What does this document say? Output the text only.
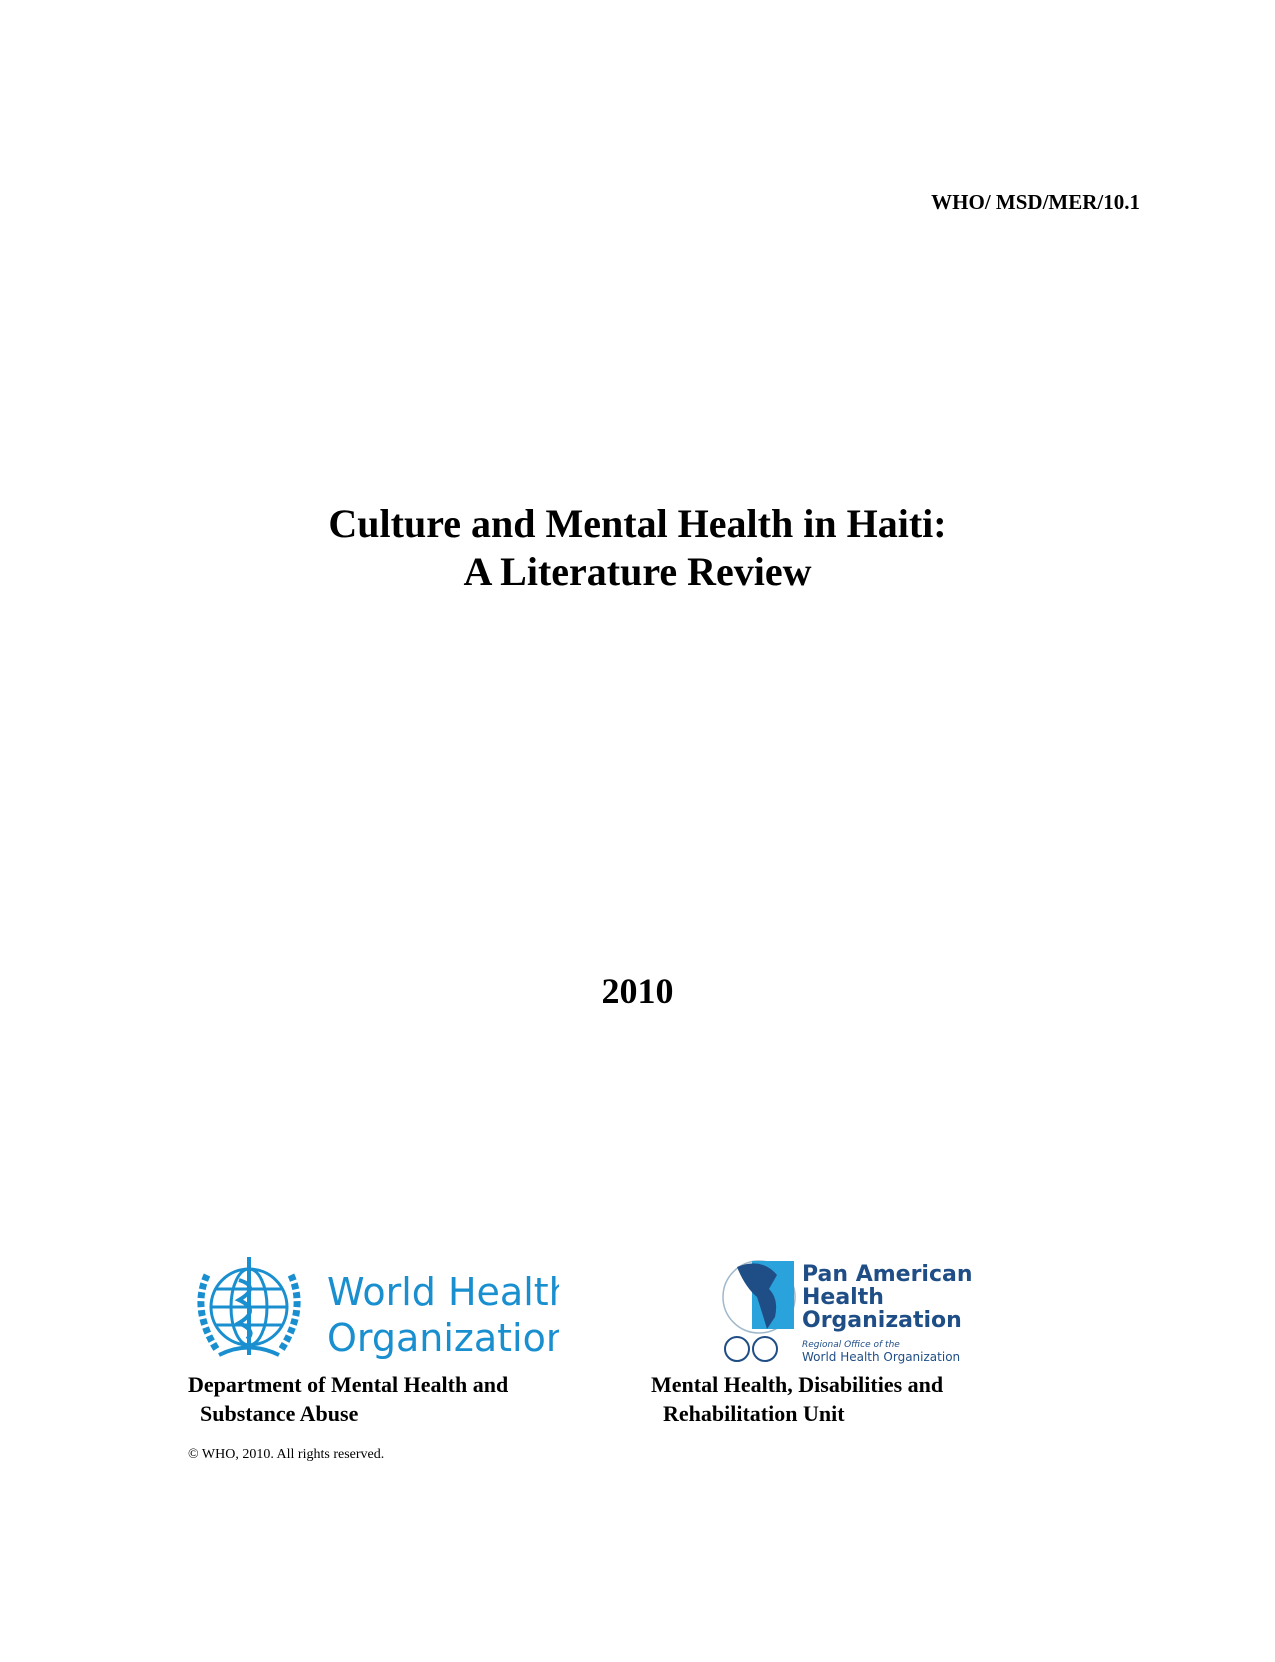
WHO/ MSD/MER/10.1
Culture and Mental Health in Haiti:
A Literature Review
2010
World Health
Organization
Pan American
Health
Organization
Regional Office of the
World Health Organization
Department of Mental Health and
Substance Abuse
Mental Health, Disabilities and
Rehabilitation Unit
© WHO, 2010. All rights reserved.
